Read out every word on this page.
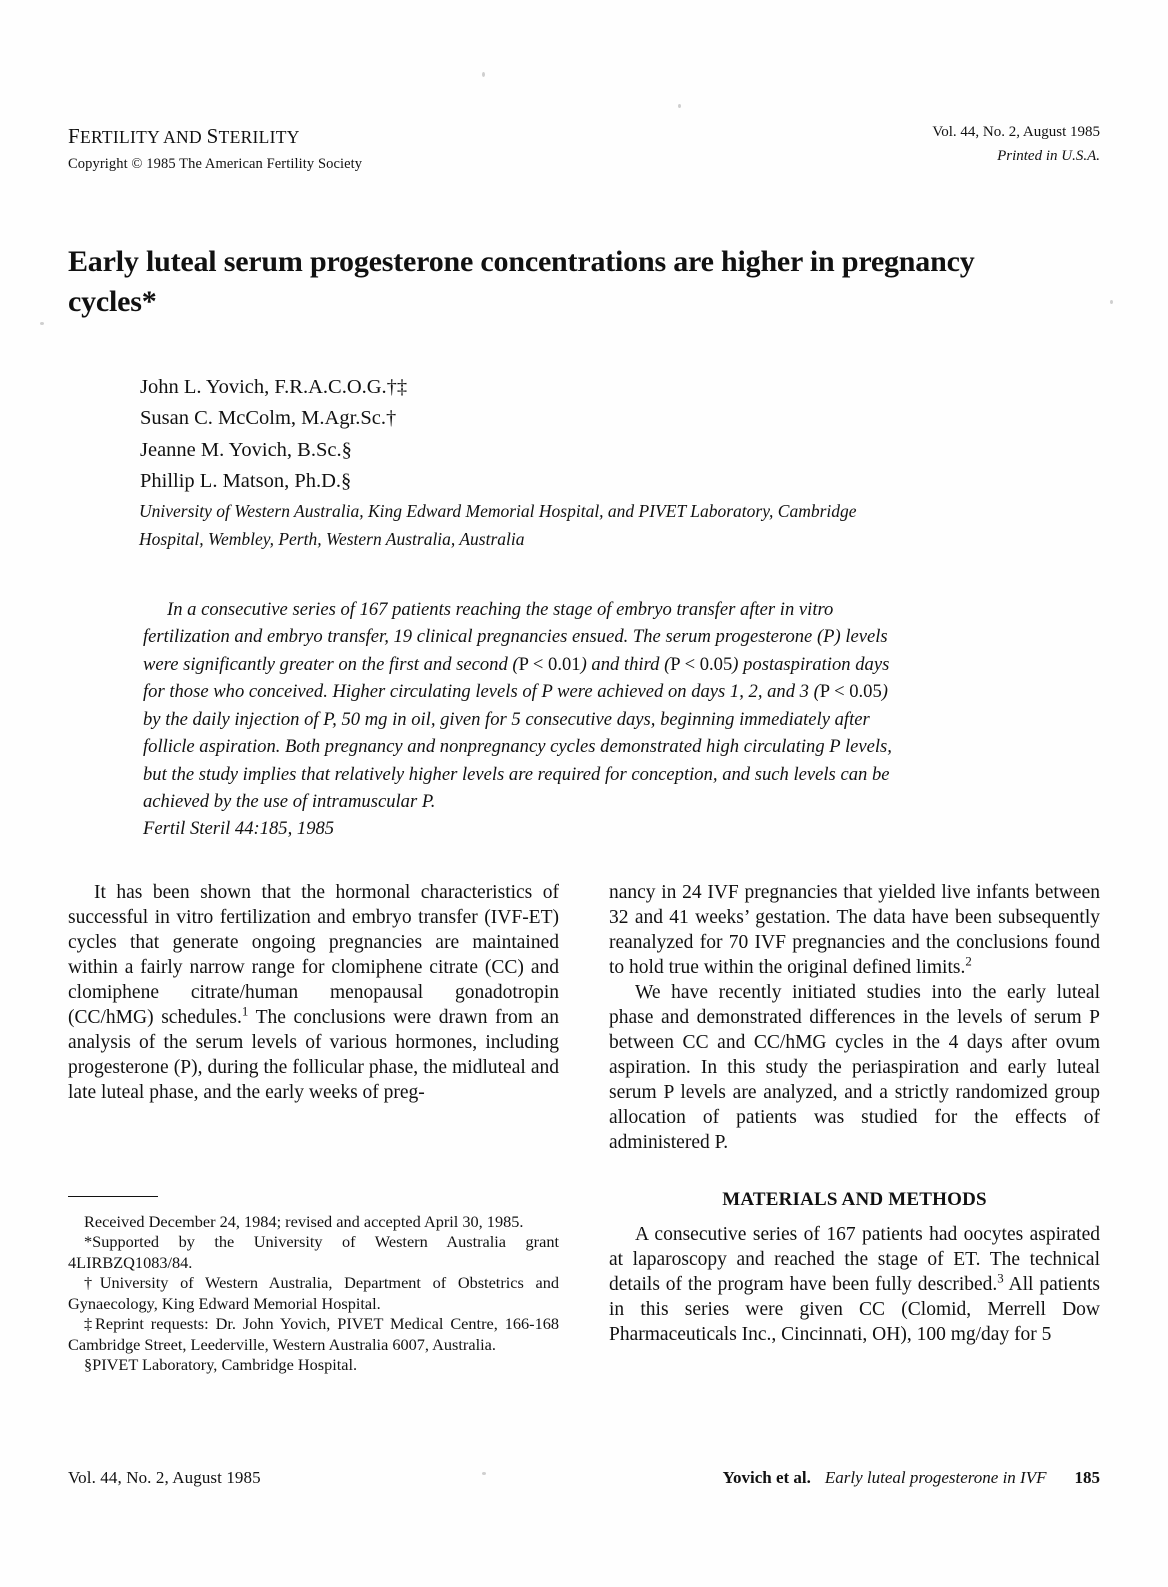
FERTILITY AND STERILITY
Copyright © 1985 The American Fertility Society
Vol. 44, No. 2, August 1985
Printed in U.S.A.
Early luteal serum progesterone concentrations are higher in pregnancy cycles*
John L. Yovich, F.R.A.C.O.G.†‡
Susan C. McColm, M.Agr.Sc.†
Jeanne M. Yovich, B.Sc.§
Phillip L. Matson, Ph.D.§
University of Western Australia, King Edward Memorial Hospital, and PIVET Laboratory, Cambridge Hospital, Wembley, Perth, Western Australia, Australia

In a consecutive series of 167 patients reaching the stage of embryo transfer after in vitro fertilization and embryo transfer, 19 clinical pregnancies ensued. The serum progesterone (P) levels were significantly greater on the first and second (P < 0.01) and third (P < 0.05) postaspiration days for those who conceived. Higher circulating levels of P were achieved on days 1, 2, and 3 (P < 0.05) by the daily injection of P, 50 mg in oil, given for 5 consecutive days, beginning immediately after follicle aspiration. Both pregnancy and nonpregnancy cycles demonstrated high circulating P levels, but the study implies that relatively higher levels are required for conception, and such levels can be achieved by the use of intramuscular P.

Fertil Steril 44:185, 1985

It has been shown that the hormonal characteristics of successful in vitro fertilization and embryo transfer (IVF-ET) cycles that generate ongoing pregnancies are maintained within a fairly narrow range for clomiphene citrate (CC) and clomiphene citrate/human menopausal gonadotropin (CC/hMG) schedules.$^1$ The conclusions were drawn from an analysis of the serum levels of various hormones, including progesterone (P), during the follicular phase, the midluteal and late luteal phase, and the early weeks of preg-

nancy in 24 IVF pregnancies that yielded live infants between 32 and 41 weeks’ gestation. The data have been subsequently reanalyzed for 70 IVF pregnancies and the conclusions found to hold true within the original defined limits.$^2$

We have recently initiated studies into the early luteal phase and demonstrated differences in the levels of serum P between CC and CC/hMG cycles in the 4 days after ovum aspiration. In this study the periaspiration and early luteal serum P levels are analyzed, and a strictly randomized group allocation of patients was studied for the effects of administered P.

MATERIALS AND METHODS

A consecutive series of 167 patients had oocytes aspirated at laparoscopy and reached the stage of ET. The technical details of the program have been fully described.$^3$ All patients in this series were given CC (Clomid, Merrell Dow Pharmaceuticals Inc., Cincinnati, OH), 100 mg/day for 5

Received December 24, 1984; revised and accepted April 30, 1985.

*Supported by the University of Western Australia grant 4LIRBZQ1083/84.

†University of Western Australia, Department of Obstetrics and Gynaecology, King Edward Memorial Hospital.

‡Reprint requests: Dr. John Yovich, PIVET Medical Centre, 166-168 Cambridge Street, Leederville, Western Australia 6007, Australia.

§PIVET Laboratory, Cambridge Hospital.

Vol. 44, No. 2, August 1985	Yovich et al. Early luteal progesterone in IVF 185
